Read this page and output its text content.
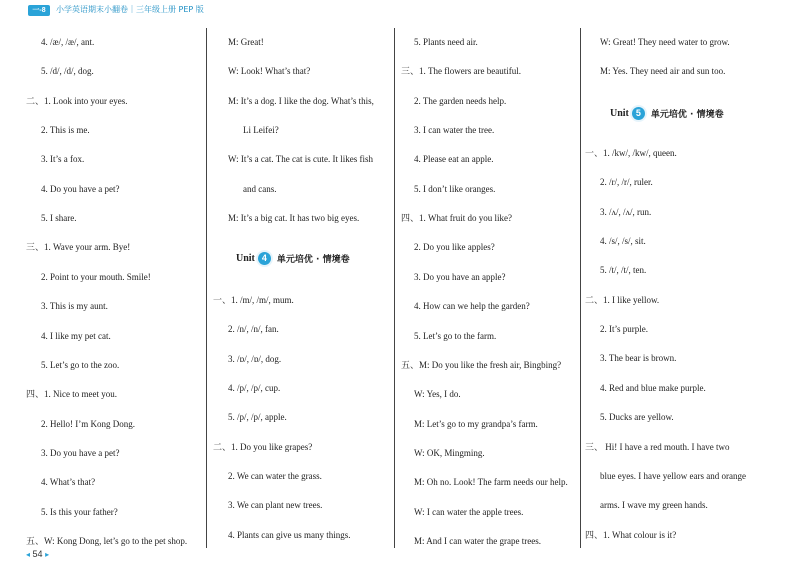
一-8	小学英语期末小翻卷｜三年级上册 PEP 版
4. /æ/, /æ/, ant.
5. /d/, /d/, dog.
二、1. Look into your eyes.
2. This is me.
3. It’s a fox.
4. Do you have a pet?
5. I share.
三、1. Wave your arm. Bye!
2. Point to your mouth. Smile!
3. This is my aunt.
4. I like my pet cat.
5. Let’s go to the zoo.
四、1. Nice to meet you.
2. Hello! I’m Kong Dong.
3. Do you have a pet?
4. What’s that?
5. Is this your father?
五、W: Kong Dong, let’s go to the pet shop.
M: Great!
W: Look! What’s that?
M: It’s a dog. I like the dog. What’s this,
Li Leifei?
W: It’s a cat. The cat is cute. It likes fish
and cans.
M: It’s a big cat. It has two big eyes.
Unit 4	单元培优 · 情境卷
一、1. /m/, /m/, mum.
2. /n/, /n/, fan.
3. /ɒ/, /ɒ/, dog.
4. /p/, /p/, cup.
5. /p/, /p/, apple.
二、1. Do you like grapes?
2. We can water the grass.
3. We can plant new trees.
4. Plants can give us many things.
5. Plants need air.
三、1. The flowers are beautiful.
2. The garden needs help.
3. I can water the tree.
4. Please eat an apple.
5. I don’t like oranges.
四、1. What fruit do you like?
2. Do you like apples?
3. Do you have an apple?
4. How can we help the garden?
5. Let’s go to the farm.
五、M: Do you like the fresh air, Bingbing?
W: Yes, I do.
M: Let’s go to my grandpa’s farm.
W: OK, Mingming.
M: Oh no. Look! The farm needs our help.
W: I can water the apple trees.
M: And I can water the grape trees.
W: Great! They need water to grow.
M: Yes. They need air and sun too.
Unit 5	单元培优 · 情境卷
一、1. /kw/, /kw/, queen.
2. /r/, /r/, ruler.
3. /ʌ/, /ʌ/, run.
4. /s/, /s/, sit.
5. /t/, /t/, ten.
二、1. I like yellow.
2. It’s purple.
3. The bear is brown.
4. Red and blue make purple.
5. Ducks are yellow.
三、 Hi! I have a red mouth. I have two
blue eyes. I have yellow ears and orange
arms. I wave my green hands.
四、1. What colour is it?
◂ 54 ▸
